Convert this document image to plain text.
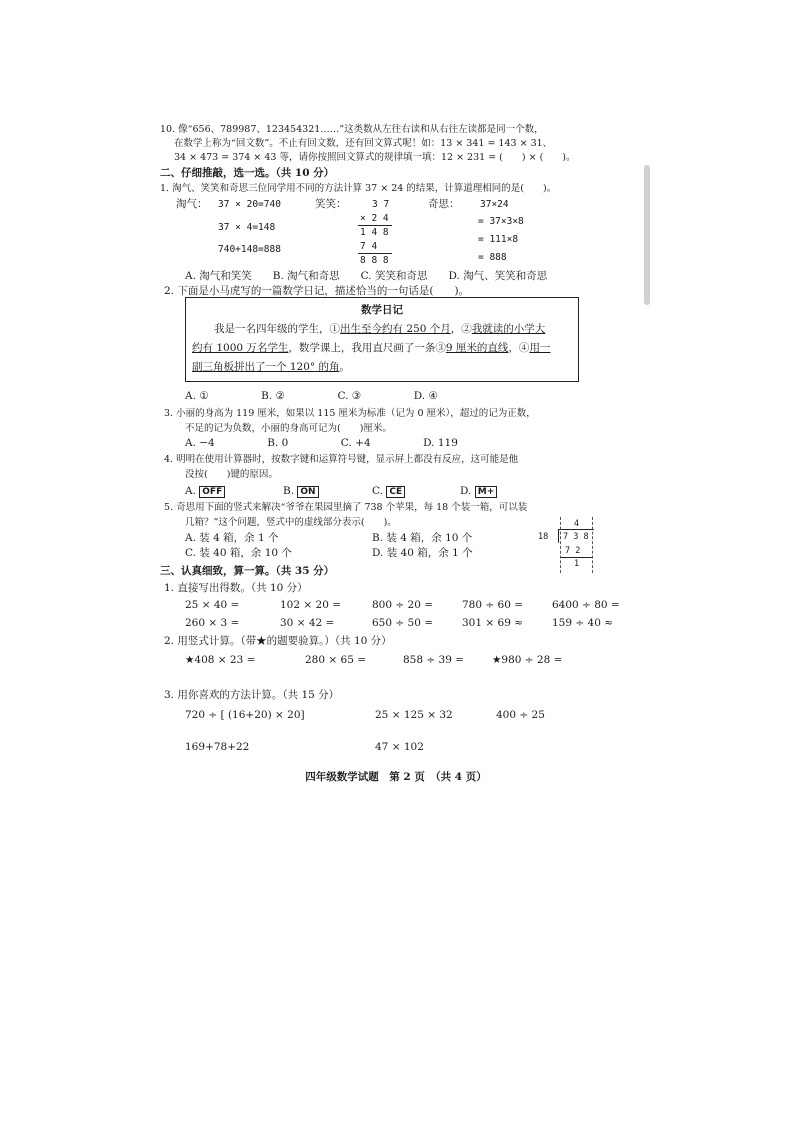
10. 像“656、789987、123454321……”这类数从左往右读和从右往左读都是同一个数，
在数学上称为“回文数”。不止有回文数，还有回文算式呢！如：13 × 341 = 143 × 31、
34 × 473 = 374 × 43 等，请你按照回文算式的规律填一填：12 × 231 = (　　) × (　　)。
二、仔细推敲，选一选。（共 10 分）
1. 淘气、笑笑和奇思三位同学用不同的方法计算 37 × 24 的结果，计算道理相同的是(　　)。
淘气： 37 × 20=740
37 × 4=148
740+148=888
笑笑：	3 7
× 2 4
1 4 8
7 4
8 8 8
奇思： 37×24
= 37×3×8
= 111×8
= 888
A. 淘气和笑笑　　B. 淘气和奇思　　C. 笑笑和奇思　　D. 淘气、笑笑和奇思
2. 下面是小马虎写的一篇数学日记，描述恰当的一句话是(　　)。
数学日记
我是一名四年级的学生，①出生至今约有 250 个月，②我就读的小学大
约有 1000 万名学生，数学课上，我用直尺画了一条③9 厘米的直线，④用一
副三角板拼出了一个 120° 的角。
A. ①　　　　　B. ②　　　　　C. ③　　　　　D. ④
3. 小丽的身高为 119 厘米，如果以 115 厘米为标准（记为 0 厘米），超过的记为正数，
不足的记为负数，小丽的身高可记为(　　)厘米。
A. −4　　　　　B. 0　　　　　C. +4　　　　　D. 119
4. 明明在使用计算器时，按数字键和运算符号键，显示屏上都没有反应，这可能是他
没按(　　)键的原因。
A. OFF	B. ON	C. CE	D. M+
5. 奇思用下面的竖式来解决“爷爷在果园里摘了 738 个苹果，每 18 个装一箱，可以装
几箱？”这个问题，竖式中的虚线部分表示(　　)。
A. 装 4 箱，余 1 个	B. 装 4 箱，余 10 个
C. 装 40 箱，余 10 个	D. 装 40 箱，余 1 个
4
18 7 3 8
7 2
1
三、认真细致，算一算。（共 35 分）
1. 直接写出得数。（共 10 分）
25 × 40 =	102 × 20 =	800 ÷ 20 =	780 ÷ 60 =	6400 ÷ 80 =
260 × 3 =	30 × 42 =	650 ÷ 50 =	301 × 69 ≈	159 ÷ 40 ≈
2. 用竖式计算。（带★的题要验算。）（共 10 分）
★408 × 23 =	280 × 65 =	858 ÷ 39 =	★980 ÷ 28 =
3. 用你喜欢的方法计算。（共 15 分）
720 ÷ [ (16+20) × 20]	25 × 125 × 32	400 ÷ 25
169+78+22	47 × 102
四年级数学试题　第 2 页　（共 4 页）
